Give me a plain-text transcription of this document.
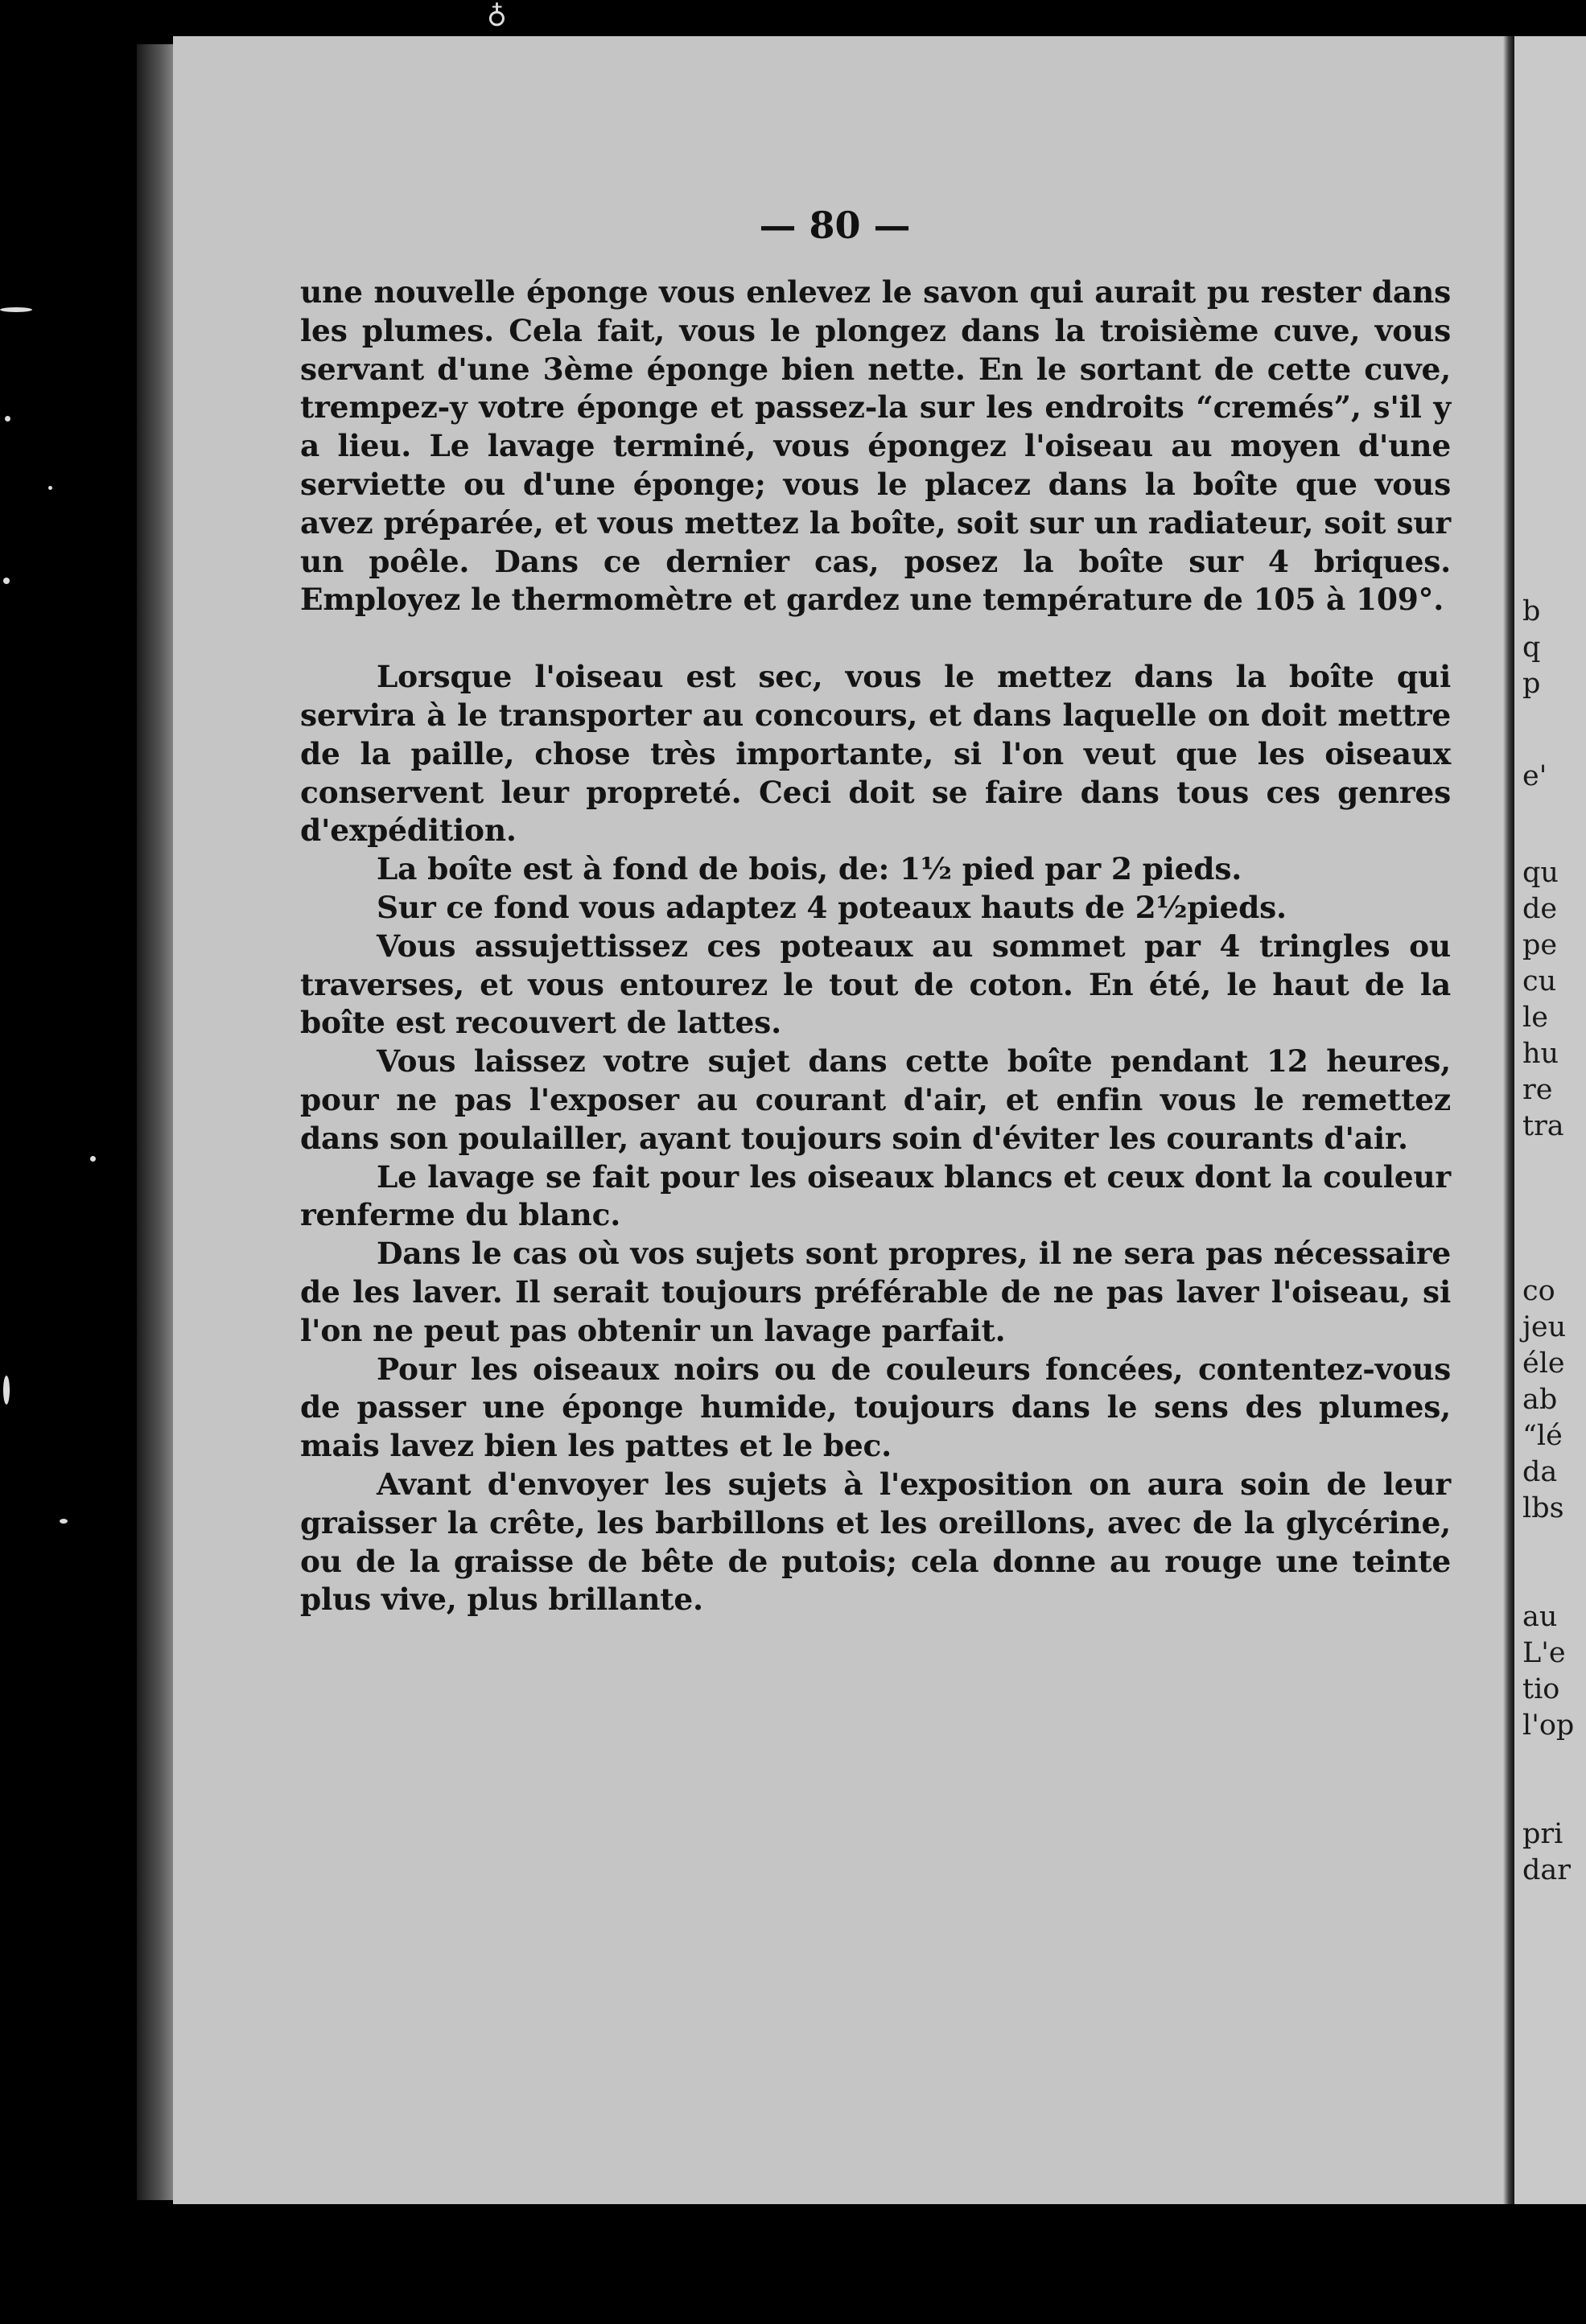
♁
— 80 —

une nouvelle éponge vous enlevez le savon qui aurait pu rester dans les plumes. Cela fait, vous le plongez dans la troisième cuve, vous servant d'une 3ème éponge bien nette. En le sortant de cette cuve, trempez-y votre éponge et passez-la sur les endroits “cremés”, s'il y a lieu. Le lavage terminé, vous épongez l'oiseau au moyen d'une serviette ou d'une éponge; vous le placez dans la boîte que vous avez préparée, et vous mettez la boîte, soit sur un radiateur, soit sur un poêle. Dans ce dernier cas, posez la boîte sur 4 briques. Employez le thermomètre et gardez une température de 105 à 109°.

Lorsque l'oiseau est sec, vous le mettez dans la boîte qui servira à le transporter au concours, et dans laquelle on doit mettre de la paille, chose très importante, si l'on veut que les oiseaux conservent leur propreté. Ceci doit se faire dans tous ces genres d'expédition.

La boîte est à fond de bois, de: 1½ pied par 2 pieds.

Sur ce fond vous adaptez 4 poteaux hauts de 2½pieds.

Vous assujettissez ces poteaux au sommet par 4 tringles ou traverses, et vous entourez le tout de coton. En été, le haut de la boîte est recouvert de lattes.

Vous laissez votre sujet dans cette boîte pendant 12 heures, pour ne pas l'exposer au courant d'air, et enfin vous le remettez dans son poulailler, ayant toujours soin d'éviter les courants d'air.

Le lavage se fait pour les oiseaux blancs et ceux dont la couleur renferme du blanc.

Dans le cas où vos sujets sont propres, il ne sera pas nécessaire de les laver. Il serait toujours préférable de ne pas laver l'oiseau, si l'on ne peut pas obtenir un lavage parfait.

Pour les oiseaux noirs ou de couleurs foncées, contentez-vous de passer une éponge humide, toujours dans le sens des plumes, mais lavez bien les pattes et le bec.

Avant d'envoyer les sujets à l'exposition on aura soin de leur graisser la crête, les barbillons et les oreillons, avec de la glycérine, ou de la graisse de bête de putois; cela donne au rouge une teinte plus vive, plus brillante.

b
q
p
e'
qu
de
pe
cu
le
hu
re
tra
co
jeu
éle
ab
“lé
da
lbs
au
L'e
tio
l'op
pri
dar
